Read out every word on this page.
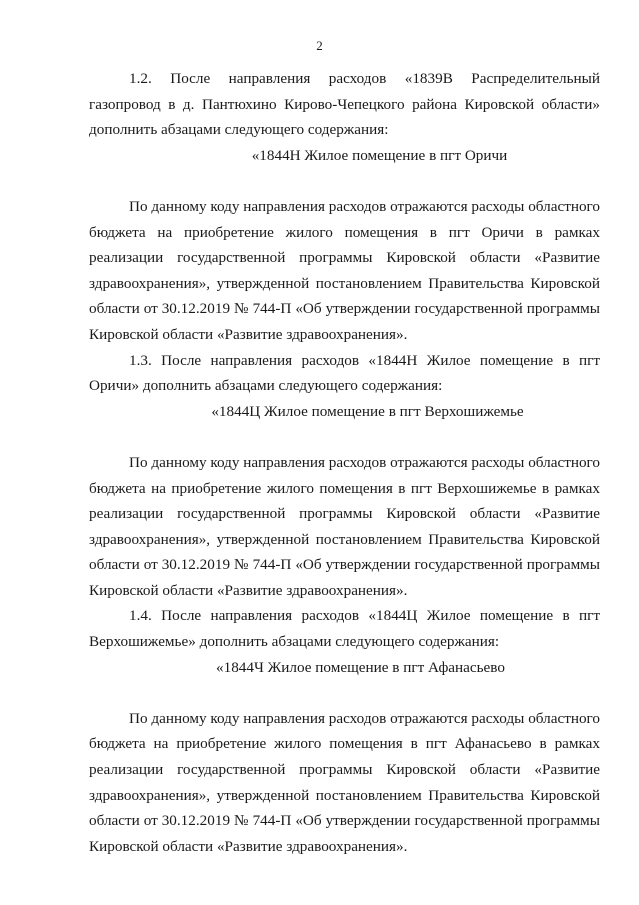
2

1.2. После направления расходов «1839В Распределительный газопровод в д. Пантюхино Кирово-Чепецкого района Кировской области» дополнить абзацами следующего содержания:

«1844Н Жилое помещение в пгт Оричи

По данному коду направления расходов отражаются расходы областного бюджета на приобретение жилого помещения в пгт Оричи в рамках реализации государственной программы Кировской области «Развитие здравоохранения», утвержденной постановлением Правительства Кировской области от 30.12.2019 № 744-П «Об утверждении государственной программы Кировской области «Развитие здравоохранения».

1.3. После направления расходов «1844Н Жилое помещение в пгт Оричи» дополнить абзацами следующего содержания:

«1844Ц Жилое помещение в пгт Верхошижемье

По данному коду направления расходов отражаются расходы областного бюджета на приобретение жилого помещения в пгт Верхошижемье в рамках реализации государственной программы Кировской области «Развитие здравоохранения», утвержденной постановлением Правительства Кировской области от 30.12.2019 № 744-П «Об утверждении государственной программы Кировской области «Развитие здравоохранения».

1.4. После направления расходов «1844Ц Жилое помещение в пгт Верхошижемье» дополнить абзацами следующего содержания:

«1844Ч Жилое помещение в пгт Афанасьево

По данному коду направления расходов отражаются расходы областного бюджета на приобретение жилого помещения в пгт Афанасьево в рамках реализации государственной программы Кировской области «Развитие здравоохранения», утвержденной постановлением Правительства Кировской области от 30.12.2019 № 744-П «Об утверждении государственной программы Кировской области «Развитие здравоохранения».
